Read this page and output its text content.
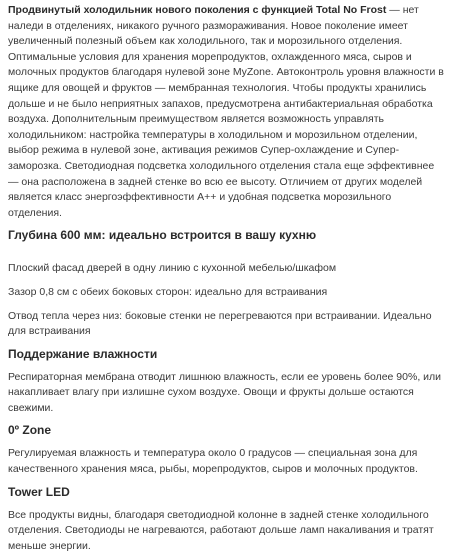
Продвинутый холодильник нового поколения с функцией Total No Frost — нет наледи в отделениях, никакого ручного размораживания. Новое поколение имеет увеличенный полезный объем как холодильного, так и морозильного отделения. Оптимальные условия для хранения морепродуктов, охлажденного мяса, сыров и молочных продуктов благодаря нулевой зоне MyZone. Автоконтроль уровня влажности в ящике для овощей и фруктов — мембранная технология. Чтобы продукты хранились дольше и не было неприятных запахов, предусмотрена антибактериальная обработка воздуха. Дополнительным преимуществом является возможность управлять холодильником: настройка температуры в холодильном и морозильном отделении, выбор режима в нулевой зоне, активация режимов Супер-охлаждение и Супер-заморозка. Светодиодная подсветка холодильного отделения стала еще эффективнее — она расположена в задней стенке во всю ее высоту. Отличием от других моделей является класс энергоэффективности А++ и удобная подсветка морозильного отделения.

Глубина 600 мм: идеально встроится в вашу кухню

Плоский фасад дверей в одну линию с кухонной мебелью/шкафом

Зазор 0,8 см с обеих боковых сторон: идеально для встраивания

Отвод тепла через низ: боковые стенки не перегреваются при встраивании. Идеально для встраивания

Поддержание влажности

Респираторная мембрана отводит лишнюю влажность, если ее уровень более 90%, или накапливает влагу при излишне сухом воздухе. Овощи и фрукты дольше остаются свежими.

0º Zone

Регулируемая влажность и температура около 0 градусов — специальная зона для качественного хранения мяса, рыбы, морепродуктов, сыров и молочных продуктов.

Tower LED

Все продукты видны, благодаря светодиодной колонне в задней стенке холодильного отделения. Светодиоды не нагреваются, работают дольше ламп накаливания и тратят меньше энергии.
